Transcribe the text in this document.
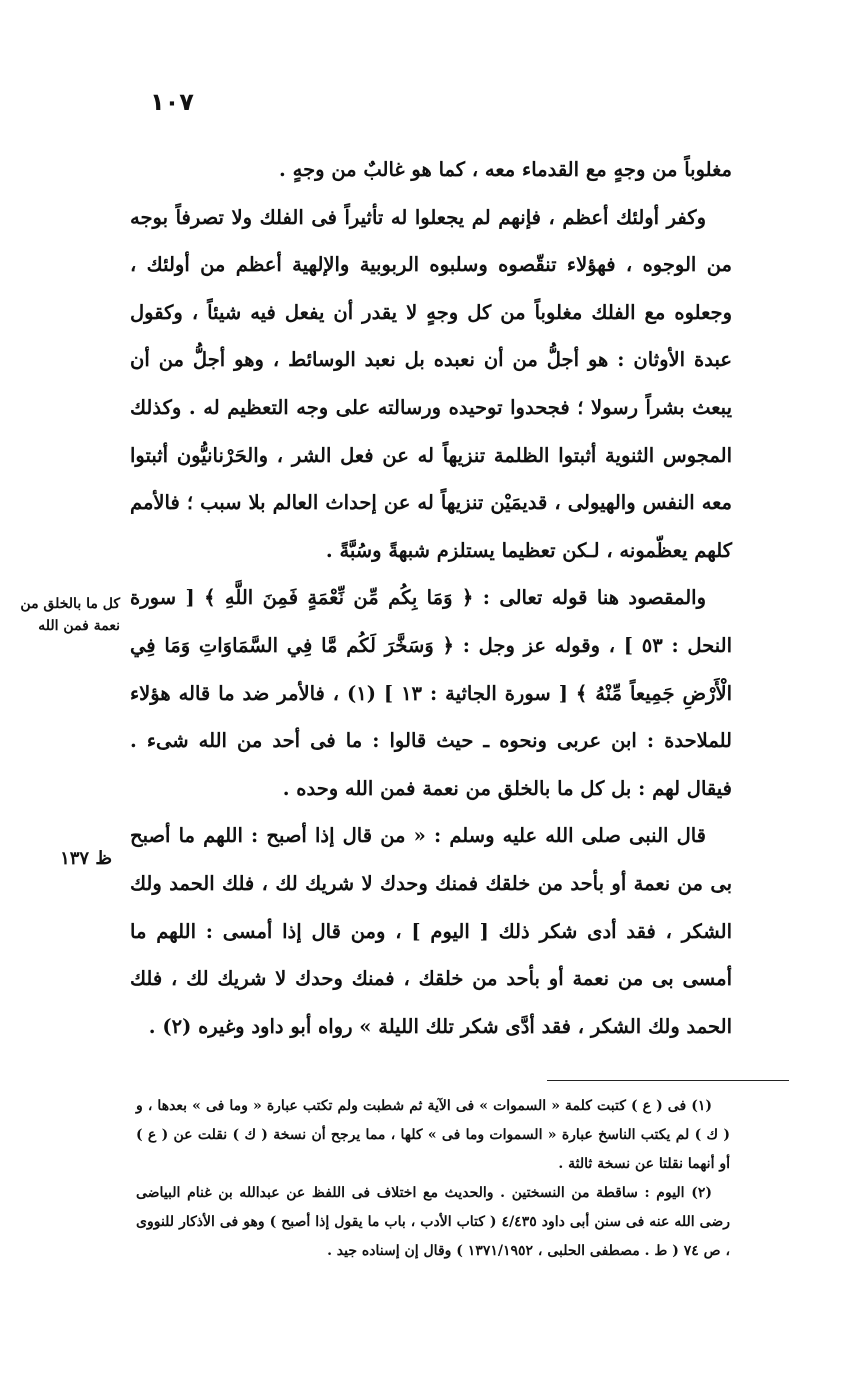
١٠٧

مغلوباً من وجهٍ مع القدماء معه ، كما هو غالبٌ من وجهٍ .

وكفر أولئك أعظم ، فإنهم لم يجعلوا له تأثيراً فى الفلك ولا تصرفاً بوجه من الوجوه ، فهؤلاء تنقّصوه وسلبوه الربوبية والإلهية أعظم من أولئك ، وجعلوه مع الفلك مغلوباً من كل وجهٍ لا يقدر أن يفعل فيه شيئاً ، وكقول عبدة الأوثان : هو أجلُّ من أن نعبده بل نعبد الوسائط ، وهو أجلُّ من أن يبعث بشراً رسولا ؛ فجحدوا توحيده ورسالته على وجه التعظيم له . وكذلك المجوس الثنوية أثبتوا الظلمة تنزيهاً له عن فعل الشر ، والحَرْنانيُّون أثبتوا معه النفس والهيولى ، قديمَيْن تنزيهاً له عن إحداث العالم بلا سبب ؛ فالأمم كلهم يعظّمونه ، لـكن تعظيما يستلزم شبهةً وسُبَّةً .

والمقصود هنا قوله تعالى : ﴿ وَمَا بِكُم مِّن نِّعْمَةٍ فَمِنَ اللَّهِ ﴾ [ سورة النحل : ٥٣ ] ، وقوله عز وجل : ﴿ وَسَخَّرَ لَكُم مَّا فِي السَّمَاوَاتِ وَمَا فِي الْأَرْضِ جَمِيعاً مِّنْهُ ﴾ [ سورة الجاثية : ١٣ ] (١) ، فالأمر ضد ما قاله هؤلاء للملاحدة : ابن عربى ونحوه ـ حيث قالوا : ما فى أحد من الله شىء . فيقال لهم : بل كل ما بالخلق من نعمة فمن الله وحده .

قال النبى صلى الله عليه وسلم : « من قال إذا أصبح : اللهم ما أصبح بى من نعمة أو بأحد من خلقك فمنك وحدك لا شريك لك ، فلك الحمد ولك الشكر ، فقد أدى شكر ذلك [ اليوم ] ، ومن قال إذا أمسى : اللهم ما أمسى بى من نعمة أو بأحد من خلقك ، فمنك وحدك لا شريك لك ، فلك الحمد ولك الشكر ، فقد أدَّى شكر تلك الليلة » رواه أبو داود وغيره (٢) .

كل ما بالخلق من نعمة فمن الله
ظ ١٣٧

(١) فى ( ع ) كتبت كلمة « السموات » فى الآية ثم شطبت ولم تكتب عبارة « وما فى » بعدها ، و ( ك ) لم يكتب الناسخ عبارة « السموات وما فى » كلها ، مما يرجح أن نسخة ( ك ) نقلت عن ( ع ) أو أنهما نقلتا عن نسخة ثالثة .

(٢) اليوم : ساقطة من النسختين . والحديث مع اختلاف فى اللفظ عن عبدالله بن غنام البياضى رضى الله عنه فى سنن أبى داود ٤/٤٣٥ ( كتاب الأدب ، باب ما يقول إذا أصبح ) وهو فى الأذكار للنووى ، ص ٧٤ ( ط . مصطفى الحلبى ، ١٣٧١/١٩٥٢ ) وقال إن إسناده جيد .
